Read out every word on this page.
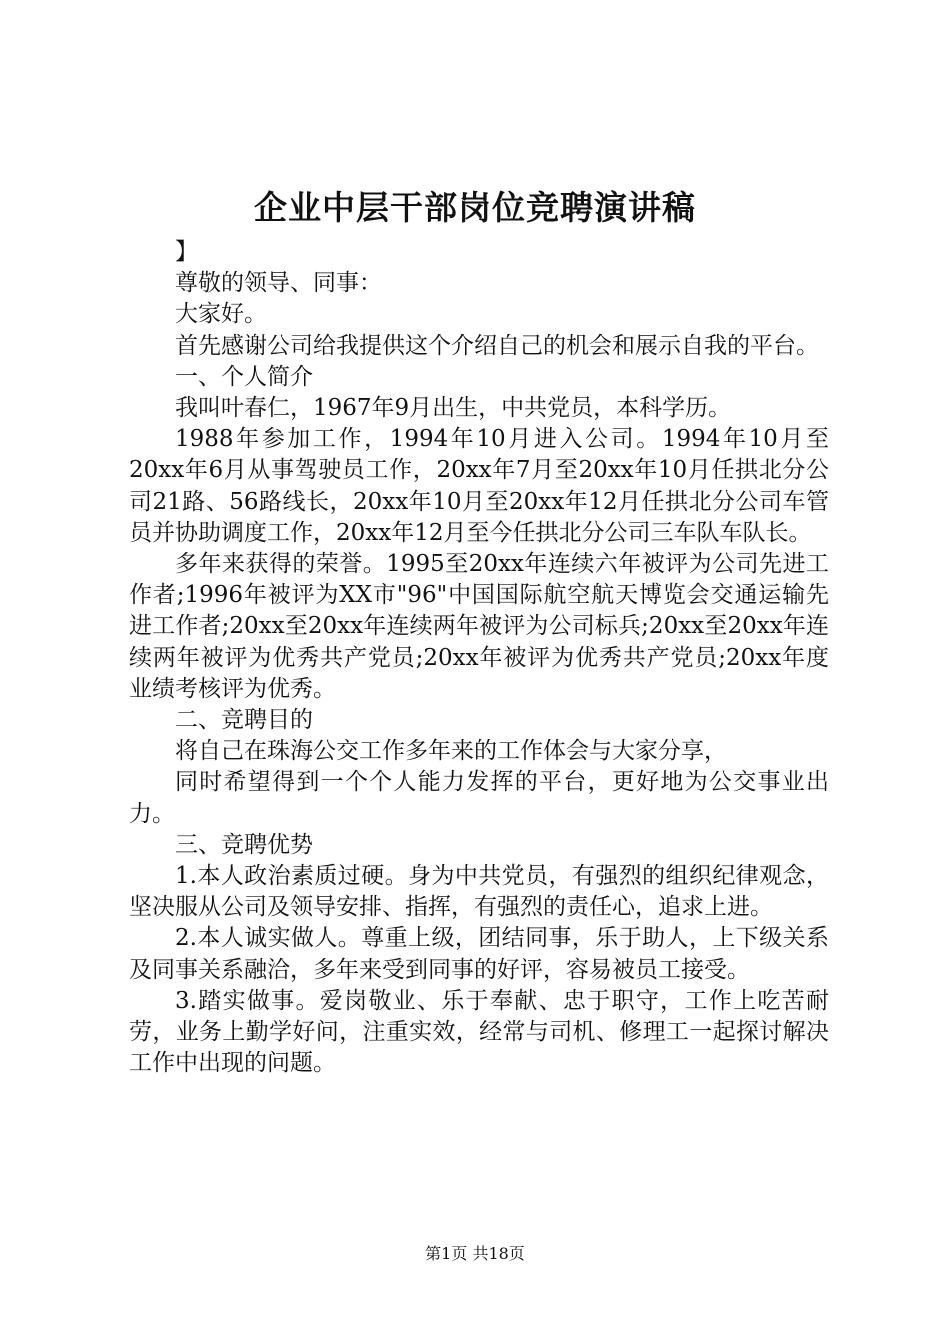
企业中层干部岗位竞聘演讲稿

】

尊敬的领导、同事：

大家好。

首先感谢公司给我提供这个介绍自己的机会和展示自我的平台。

一、个人简介

我叫叶春仁，1967年9月出生，中共党员，本科学历。

1988年参加工作，1994年10月进入公司。1994年10月至20xx年6月从事驾驶员工作，20xx年7月至20xx年10月任拱北分公司21路、56路线长，20xx年10月至20xx年12月任拱北分公司车管员并协助调度工作，20xx年12月至今任拱北分公司三车队车队长。

多年来获得的荣誉。1995至20xx年连续六年被评为公司先进工作者;1996年被评为XX市"96"中国国际航空航天博览会交通运输先进工作者;20xx至20xx年连续两年被评为公司标兵;20xx至20xx年连续两年被评为优秀共产党员;20xx年被评为优秀共产党员;20xx年度业绩考核评为优秀。

二、竞聘目的

将自己在珠海公交工作多年来的工作体会与大家分享，

同时希望得到一个个人能力发挥的平台，更好地为公交事业出力。

三、竞聘优势

1.本人政治素质过硬。身为中共党员，有强烈的组织纪律观念，坚决服从公司及领导安排、指挥，有强烈的责任心，追求上进。

2.本人诚实做人。尊重上级，团结同事，乐于助人，上下级关系及同事关系融洽，多年来受到同事的好评，容易被员工接受。

3.踏实做事。爱岗敬业、乐于奉献、忠于职守，工作上吃苦耐劳，业务上勤学好问，注重实效，经常与司机、修理工一起探讨解决工作中出现的问题。

第1页 共18页
